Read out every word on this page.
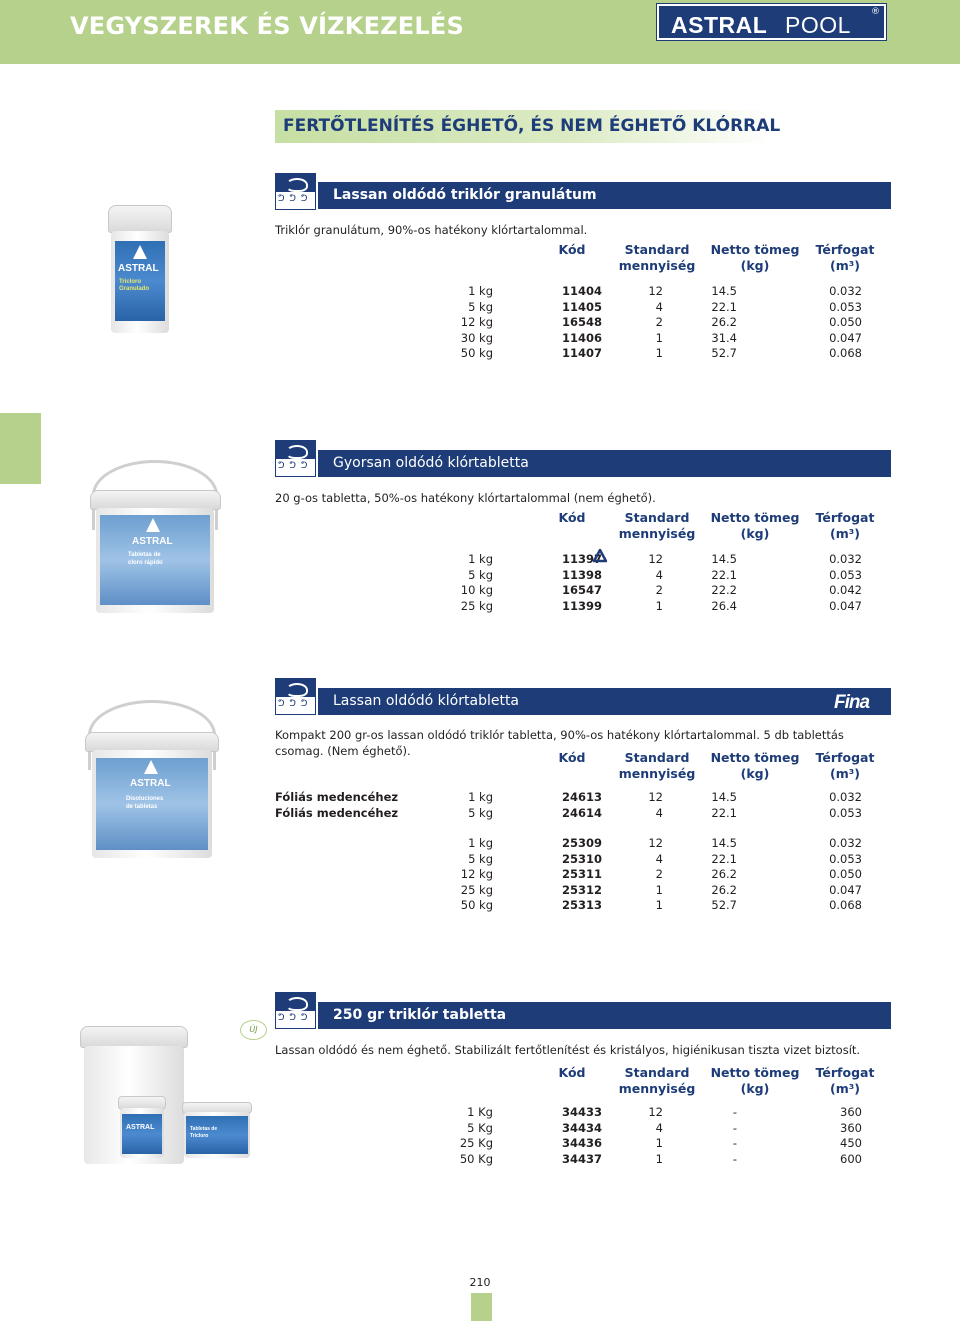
VEGYSZEREK ÉS VÍZKEZELÉS	ASTRAL POOL ®
FERTŐTLENÍTÉS ÉGHETŐ, ÉS NEM ÉGHETŐ KLÓRRAL
ASTRAL
Tricloro
Granulado
ᕤ ᕤ ᕤ Lassan oldódó triklór granulátum
Triklór granulátum, 90%-os hatékony klórtartalommal.
Kód	Standard
mennyiség
Netto tömeg
(kg)
Térfogat
(m³)
1 kg	11404	12	14.5	0.032
5 kg	11405	4	22.1	0.053
12 kg	16548	2	26.2	0.050
30 kg	11406	1	31.4	0.047
50 kg	11407	1	52.7	0.068
ASTRAL
Tabletas de
cloro rápido
ᕤ ᕤ ᕤ Gyorsan oldódó klórtabletta
20 g-os tabletta, 50%-os hatékony klórtartalommal (nem éghető).
Kód	Standard
mennyiség
Netto tömeg
(kg)
Térfogat
(m³)
1 kg	11397	12	14.5	0.032
5 kg	11398	4	22.1	0.053
10 kg	16547	2	22.2	0.042
25 kg	11399	1	26.4	0.047
ASTRAL
Disoluciones
de tabletas
ᕤ ᕤ ᕤ Lassan oldódó klórtabletta	Fina
Kompakt 200 gr-os lassan oldódó triklór tabletta, 90%-os hatékony klórtartalommal. 5 db tablettás csomag. (Nem éghető).	Kód	Standard
mennyiség
Netto tömeg
(kg)
Térfogat
(m³)
Fóliás medencéhez	1 kg	24613	12	14.5	0.032
Fóliás medencéhez	5 kg	24614	4	22.1	0.053
1 kg	25309	12	14.5	0.032
5 kg	25310	4	22.1	0.053
12 kg	25311	2	26.2	0.050
25 kg	25312	1	26.2	0.047
50 kg	25313	1	52.7	0.068
ÚJ
ASTRAL	Tabletas de
Tricloro
ᕤ ᕤ ᕤ 250 gr triklór tabletta
Lassan oldódó és nem éghető. Stabilizált fertőtlenítést és kristályos, higiénikusan tiszta vizet biztosít.
Kód	Standard
mennyiség
Netto tömeg
(kg)
Térfogat
(m³)
1 Kg	34433	12	-	360
5 Kg	34434	4	-	360
25 Kg	34436	1	-	450
50 Kg	34437	1	-	600
210
